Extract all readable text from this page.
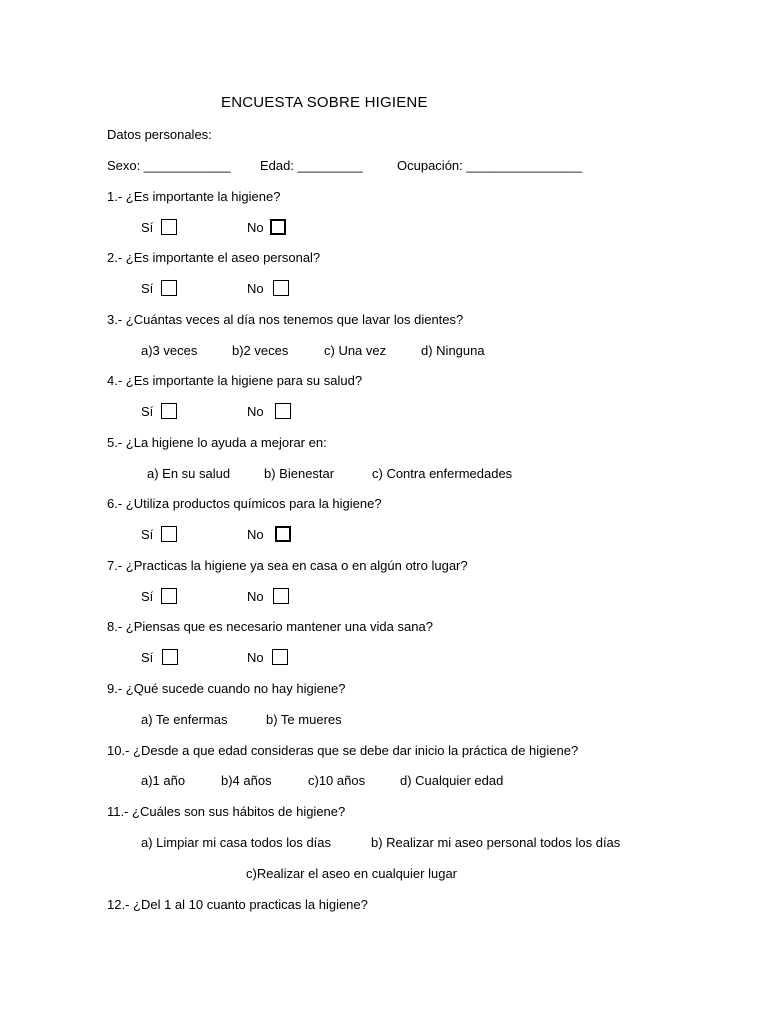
ENCUESTA SOBRE HIGIENE
Datos personales:
Sexo: ____________ Edad: _________	Ocupación: ________________
1.- ¿Es importante la higiene?
Sí	No
2.- ¿Es importante el aseo personal?
Sí	No
3.- ¿Cuántas veces al día nos tenemos que lavar los dientes?
a)3 veces	b)2 veces	c) Una vez	d) Ninguna
4.- ¿Es importante la higiene para su salud?
Sí	No
5.- ¿La higiene lo ayuda a mejorar en:
a) En su salud	b) Bienestar	c) Contra enfermedades
6.- ¿Utiliza productos químicos para la higiene?
Sí	No
7.- ¿Practicas la higiene ya sea en casa o en algún otro lugar?
Sí	No
8.- ¿Piensas que es necesario mantener una vida sana?
Sí	No
9.- ¿Qué sucede cuando no hay higiene?
a) Te enfermas	b) Te mueres
10.- ¿Desde a que edad consideras que se debe dar inicio la práctica de higiene?
a)1 año	b)4 años	c)10 años	d) Cualquier edad
11.- ¿Cuáles son sus hábitos de higiene?
a) Limpiar mi casa todos los días	b) Realizar mi aseo personal todos los días
c)Realizar el aseo en cualquier lugar
12.- ¿Del 1 al 10 cuanto practicas la higiene?
